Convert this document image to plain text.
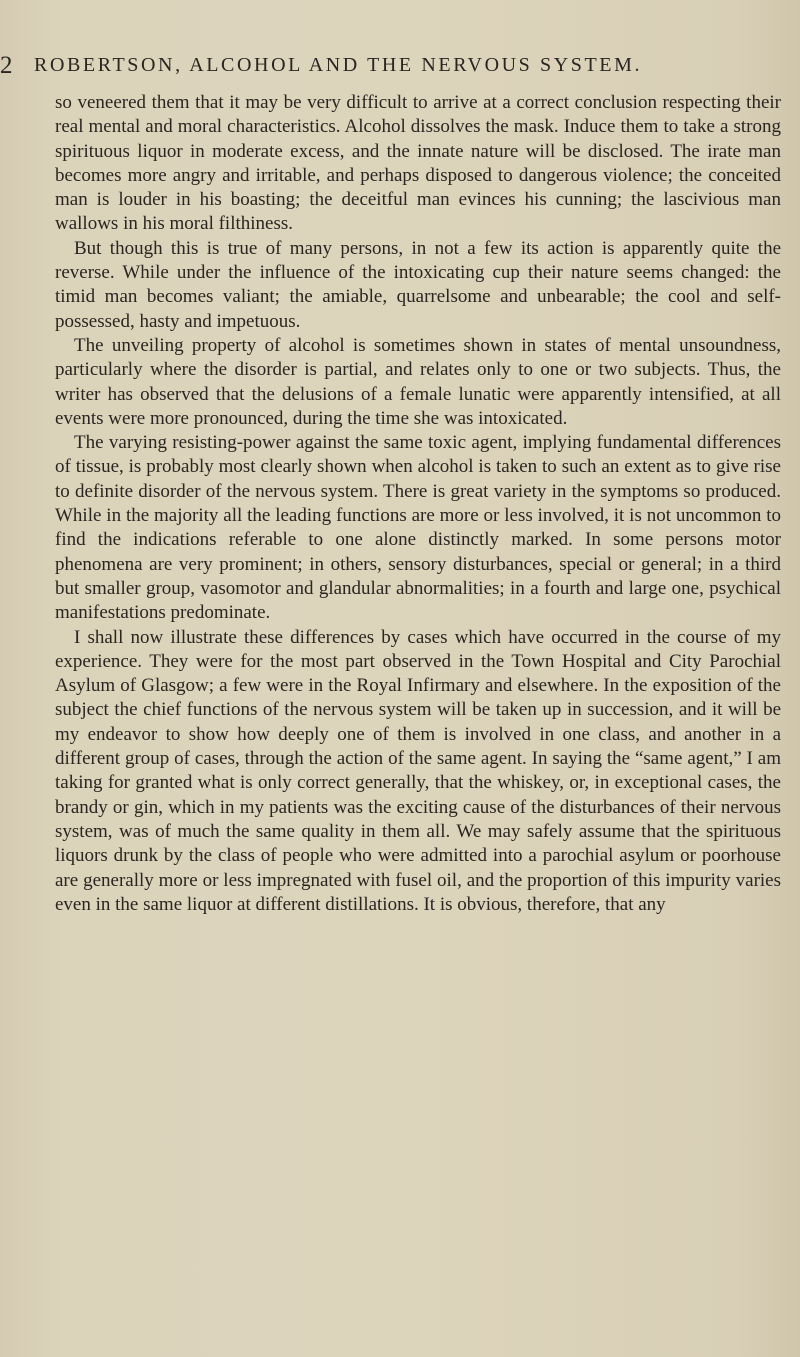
2 ROBERTSON, ALCOHOL AND THE NERVOUS SYSTEM.

so veneered them that it may be very difficult to arrive at a correct conclusion respecting their real mental and moral characteristics. Alcohol dissolves the mask. Induce them to take a strong spirituous liquor in moderate excess, and the innate nature will be disclosed. The irate man becomes more angry and irritable, and perhaps disposed to dangerous violence; the conceited man is louder in his boasting; the deceitful man evinces his cunning; the lascivious man wallows in his moral filthiness.

But though this is true of many persons, in not a few its action is apparently quite the reverse. While under the influence of the intoxicating cup their nature seems changed: the timid man becomes valiant; the amiable, quarrelsome and unbearable; the cool and self-possessed, hasty and impetuous.

The unveiling property of alcohol is sometimes shown in states of mental unsoundness, particularly where the disorder is partial, and relates only to one or two subjects. Thus, the writer has observed that the delusions of a female lunatic were apparently intensified, at all events were more pronounced, during the time she was intoxicated.

The varying resisting-power against the same toxic agent, implying fundamental differences of tissue, is probably most clearly shown when alcohol is taken to such an extent as to give rise to definite disorder of the nervous system. There is great variety in the symptoms so produced. While in the majority all the leading functions are more or less involved, it is not uncommon to find the indications referable to one alone distinctly marked. In some persons motor phenomena are very prominent; in others, sensory disturbances, special or general; in a third but smaller group, vasomotor and glandular abnormalities; in a fourth and large one, psychical manifestations predominate.

I shall now illustrate these differences by cases which have occurred in the course of my experience. They were for the most part observed in the Town Hospital and City Parochial Asylum of Glasgow; a few were in the Royal Infirmary and elsewhere. In the exposition of the subject the chief functions of the nervous system will be taken up in succession, and it will be my endeavor to show how deeply one of them is involved in one class, and another in a different group of cases, through the action of the same agent. In saying the “same agent,” I am taking for granted what is only correct generally, that the whiskey, or, in exceptional cases, the brandy or gin, which in my patients was the exciting cause of the disturbances of their nervous system, was of much the same quality in them all. We may safely assume that the spirituous liquors drunk by the class of people who were admitted into a parochial asylum or poorhouse are generally more or less impregnated with fusel oil, and the proportion of this impurity varies even in the same liquor at different distillations. It is obvious, therefore, that any
